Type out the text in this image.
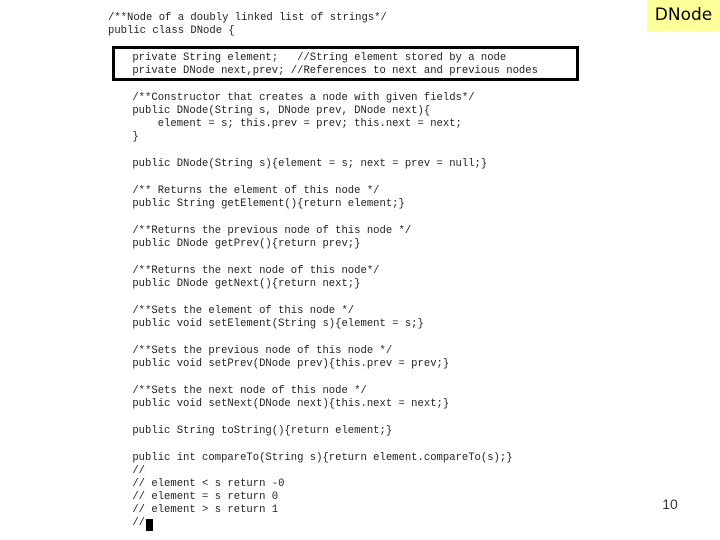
DNode
/**Node of a doubly linked list of strings*/
public class DNode {
private String element;   //String element stored by a node
private DNode next,prev; //References to next and previous nodes
/**Constructor that creates a node with given fields*/
public DNode(String s, DNode prev, DNode next){
element = s; this.prev = prev; this.next = next;
}
public DNode(String s){element = s; next = prev = null;}
/** Returns the element of this node */
public String getElement(){return element;}
/**Returns the previous node of this node */
public DNode getPrev(){return prev;}
/**Returns the next node of this node*/
public DNode getNext(){return next;}
/**Sets the element of this node */
public void setElement(String s){element = s;}
/**Sets the previous node of this node */
public void setPrev(DNode prev){this.prev = prev;}
/**Sets the next node of this node */
public void setNext(DNode next){this.next = next;}
public String toString(){return element;}
public int compareTo(String s){return element.compareTo(s);}
//
// element < s return -0
// element = s return 0
// element > s return 1
//
10
